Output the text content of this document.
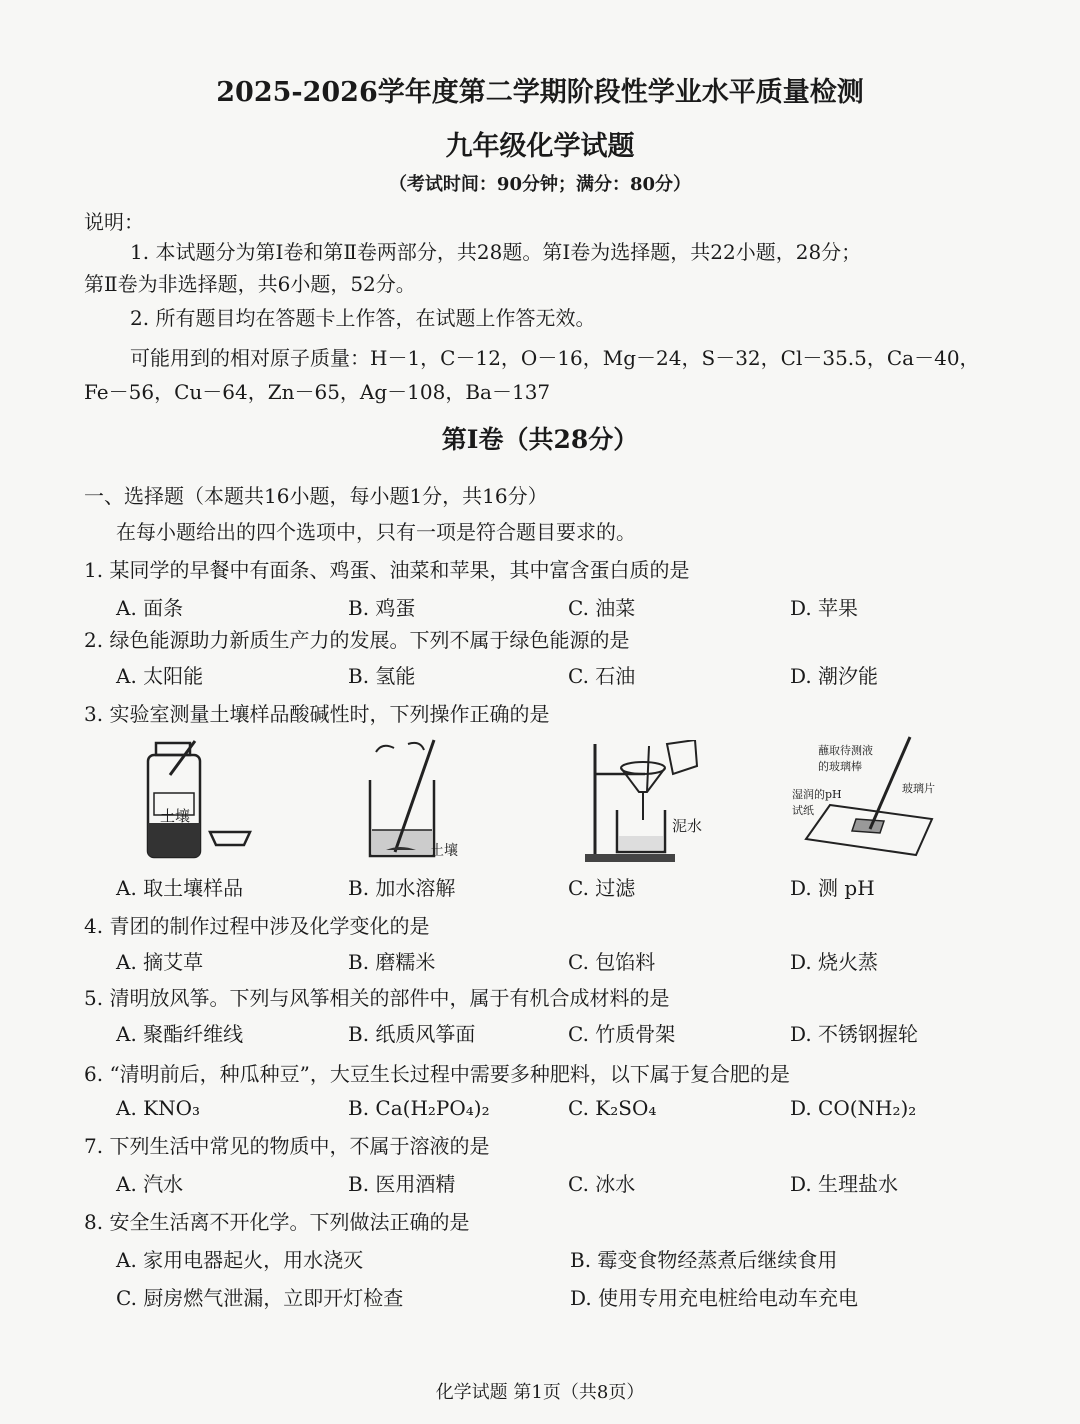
2025-2026学年度第二学期阶段性学业水平质量检测
九年级化学试题
（考试时间：90分钟；满分：80分）
说明：
1. 本试题分为第Ⅰ卷和第Ⅱ卷两部分，共28题。第Ⅰ卷为选择题，共22小题，28分；
第Ⅱ卷为非选择题，共6小题，52分。
2. 所有题目均在答题卡上作答，在试题上作答无效。
可能用到的相对原子质量：H－1，C－12，O－16，Mg－24，S－32，Cl－35.5，Ca－40，
Fe－56，Cu－64，Zn－65，Ag－108，Ba－137
第Ⅰ卷（共28分）
一、选择题（本题共16小题，每小题1分，共16分）
在每小题给出的四个选项中，只有一项是符合题目要求的。
1. 某同学的早餐中有面条、鸡蛋、油菜和苹果，其中富含蛋白质的是
A. 面条	B. 鸡蛋	C. 油菜	D. 苹果
2. 绿色能源助力新质生产力的发展。下列不属于绿色能源的是
A. 太阳能	B. 氢能	C. 石油	D. 潮汐能
3. 实验室测量土壤样品酸碱性时，下列操作正确的是
土壤
土壤
泥水
蘸取待测液的玻璃棒
湿润的pH试纸
玻璃片
A. 取土壤样品	B. 加水溶解	C. 过滤	D. 测 pH
4. 青团的制作过程中涉及化学变化的是
A. 摘艾草	B. 磨糯米	C. 包馅料	D. 烧火蒸
5. 清明放风筝。下列与风筝相关的部件中，属于有机合成材料的是
A. 聚酯纤维线	B. 纸质风筝面	C. 竹质骨架	D. 不锈钢握轮
6. “清明前后，种瓜种豆”，大豆生长过程中需要多种肥料，以下属于复合肥的是
A. KNO₃	B. Ca(H₂PO₄)₂	C. K₂SO₄	D. CO(NH₂)₂
7. 下列生活中常见的物质中，不属于溶液的是
A. 汽水	B. 医用酒精	C. 冰水	D. 生理盐水
8. 安全生活离不开化学。下列做法正确的是
A. 家用电器起火，用水浇灭	B. 霉变食物经蒸煮后继续食用
C. 厨房燃气泄漏，立即开灯检查	D. 使用专用充电桩给电动车充电
化学试题 第1页（共8页）
